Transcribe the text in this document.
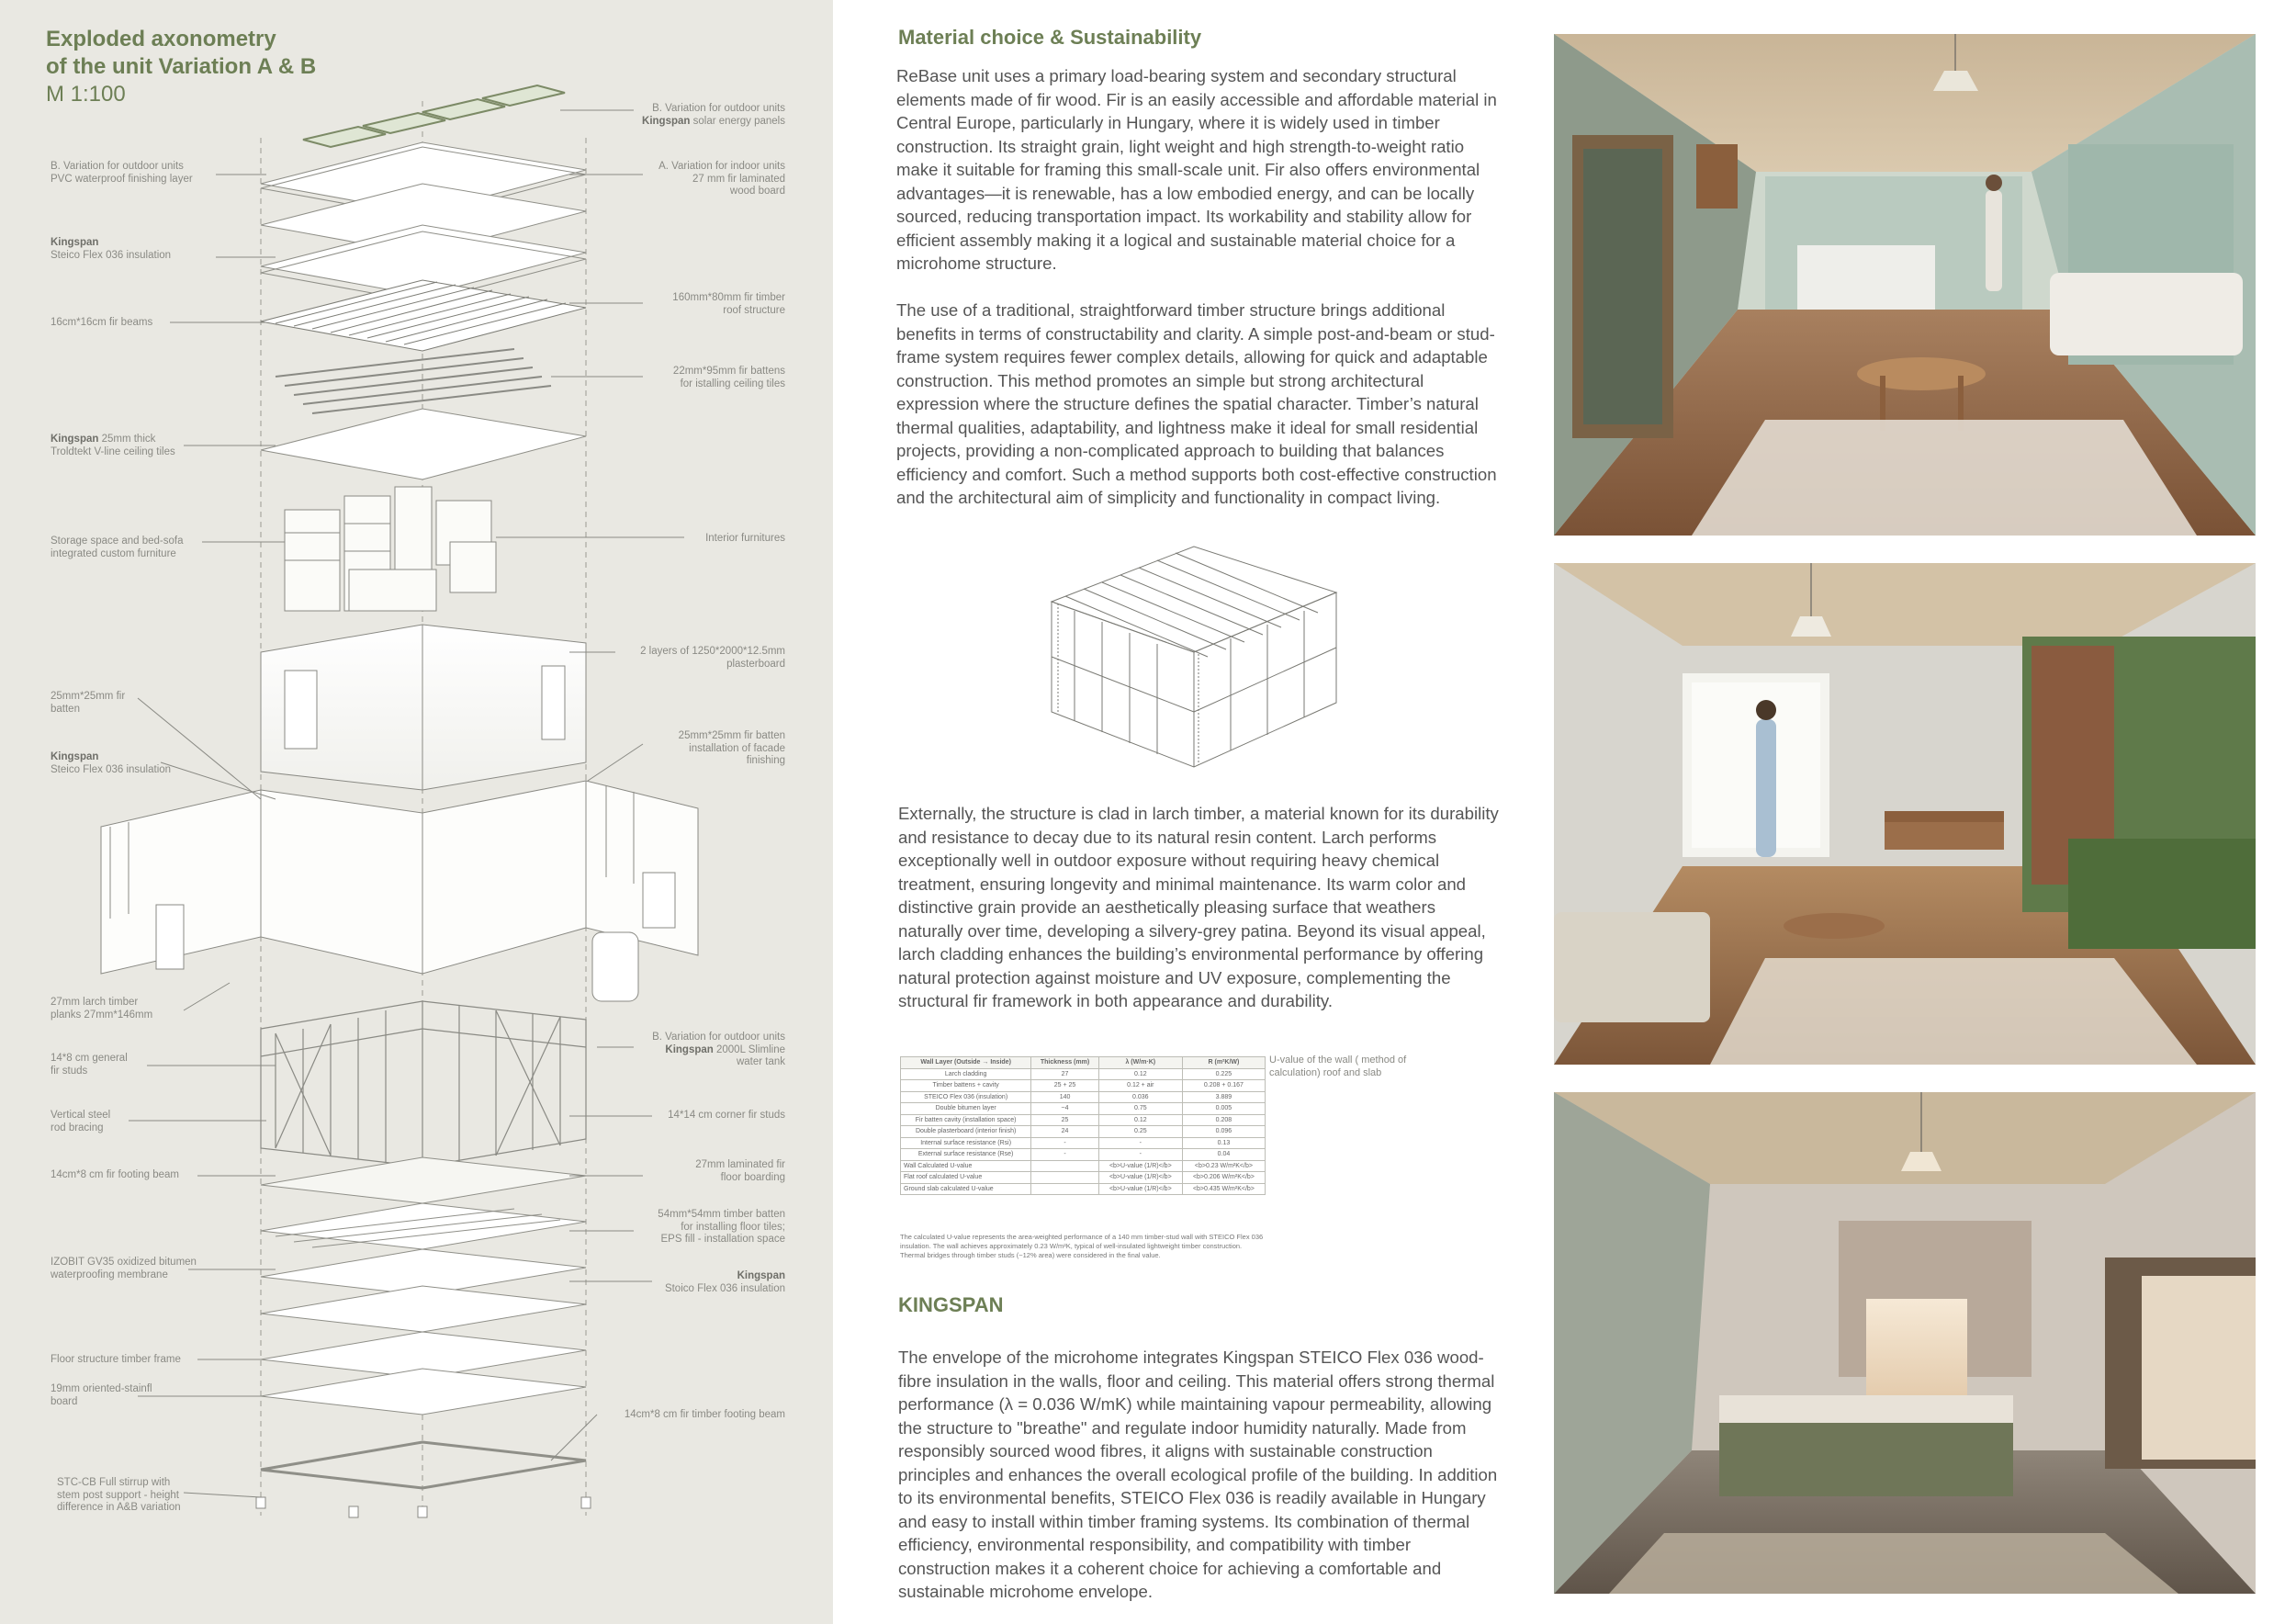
Exploded axonometry
of the unit Variation A & B
M 1:100
B. Variation for outdoor units
Kingspan solar energy panels
B. Variation for outdoor units
PVC waterproof finishing layer
A. Variation for indoor units
27 mm fir laminated
wood board
Kingspan
Steico Flex 036 insulation
160mm*80mm fir timber
roof structure
16cm*16cm fir beams
22mm*95mm fir battens
for istalling ceiling tiles
Kingspan 25mm thick
Troldtekt V-line ceiling tiles
Storage space and bed-sofa
integrated custom furniture
Interior furnitures
2 layers of 1250*2000*12.5mm
plasterboard
25mm*25mm fir
batten
25mm*25mm fir batten
installation of facade
finishing
Kingspan
Steico Flex 036 insulation
27mm larch timber
planks 27mm*146mm
B. Variation for outdoor units
Kingspan 2000L Slimline
water tank
14*8 cm general
fir studs
Vertical steel
rod bracing
14*14 cm corner fir studs
14cm*8 cm fir footing beam
27mm laminated fir
floor boarding
54mm*54mm timber batten
for installing floor tiles;
EPS fill - installation space
IZOBIT GV35 oxidized bitumen
waterproofing membrane	Kingspan
Stoico Flex 036 insulation
Floor structure timber frame
19mm oriented-stainfl
board
14cm*8 cm fir timber footing beam
STC-CB Full stirrup with
stem post support - height
difference in A&B variation
Material choice & Sustainability

ReBase unit uses a primary load-bearing system and secondary structural elements made of fir wood. Fir is an easily accessible and affordable material in Central Europe, particularly in Hungary, where it is widely used in timber construction. Its straight grain, light weight and high strength-to-weight ratio make it suitable for framing this small-scale unit. Fir also offers environmental advantages—it is renewable, has a low embodied energy, and can be locally sourced, reducing transportation impact. Its workability and stability allow for efficient assembly making it a logical and sustainable material choice for a microhome structure.

The use of a traditional, straightforward timber structure brings additional benefits in terms of constructability and clarity. A simple post-and-beam or stud-frame system requires fewer complex details, allowing for quick and adaptable construction. This method promotes an simple but strong architectural expression where the structure defines the spatial character. Timber’s natural thermal qualities, adaptability, and lightness make it ideal for small residential projects, providing a non-complicated approach to building that balances efficiency and comfort. Such a method supports both cost-effective construction and the architectural aim of simplicity and functionality in compact living.

Externally, the structure is clad in larch timber, a material known for its durability and resistance to decay due to its natural resin content. Larch performs exceptionally well in outdoor exposure without requiring heavy chemical treatment, ensuring longevity and minimal maintenance. Its warm color and distinctive grain provide an aesthetically pleasing surface that weathers naturally over time, developing a silvery-grey patina. Beyond its visual appeal, larch cladding enhances the building’s environmental performance by offering natural protection against moisture and UV exposure, complementing the structural fir framework in both appearance and durability.

Wall Layer (Outside → Inside)	Thickness (mm)	λ (W/m·K)	R (m²K/W)
Larch cladding	27	0.12	0.225
Timber battens + cavity	25 + 25	0.12 + air	0.208 + 0.167
STEICO Flex 036 (insulation)	140	0.036	3.889
Double bitumen layer	~4	0.75	0.005
Fir batten cavity (installation space)	25	0.12	0.208
Double plasterboard (interior finish)	24	0.25	0.096
Internal surface resistance (Rsi)	-	-	0.13
External surface resistance (Rse)	-	-	0.04
Wall Calculated U-value		<b>U-value (1/R)</b>	<b>0.23 W/m²K</b>
Flat roof calculated U-value		<b>U-value (1/R)</b>	<b>0.206 W/m²K</b>
Ground slab calculated U-value		<b>U-value (1/R)</b>	<b>0.435 W/m²K</b>
U-value of the wall ( method of calculation) roof and slab
The calculated U-value represents the area-weighted performance of a 140 mm timber-stud wall with STEICO Flex 036 insulation. The wall achieves approximately 0.23 W/m²K, typical of well-insulated lightweight timber construction. Thermal bridges through timber studs (~12% area) were considered in the final value.
KINGSPAN

The envelope of the microhome integrates Kingspan STEICO Flex 036 wood-fibre insulation in the walls, floor and ceiling. This material offers strong thermal performance (λ = 0.036 W/mK) while maintaining vapour permeability, allowing the structure to "breathe" and regulate indoor humidity naturally. Made from responsibly sourced wood fibres, it aligns with sustainable construction principles and enhances the overall ecological profile of the building. In addition to its environmental benefits, STEICO Flex 036 is readily available in Hungary and easy to install within timber framing systems. Its combination of thermal efficiency, environmental responsibility, and compatibility with timber construction makes it a coherent choice for achieving a comfortable and sustainable microhome envelope.
